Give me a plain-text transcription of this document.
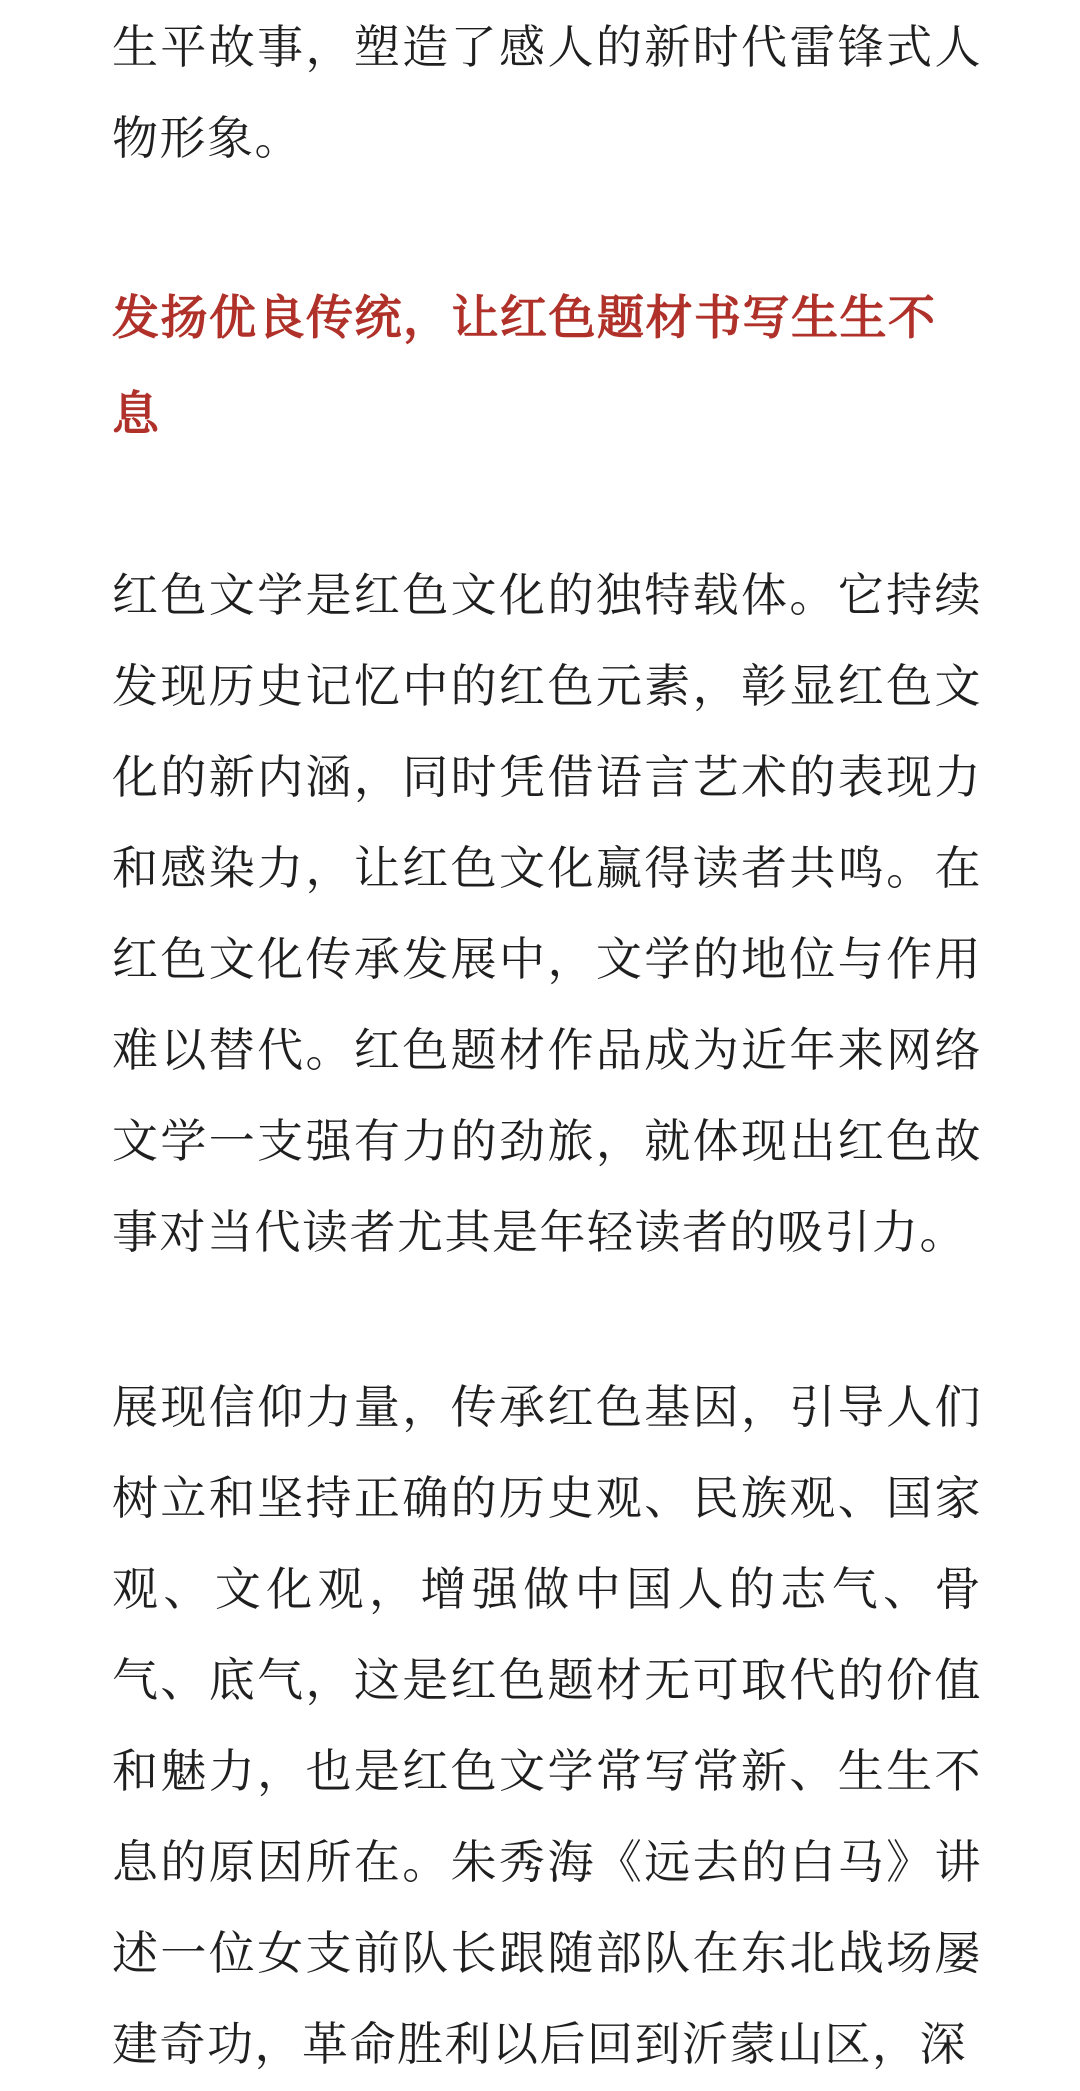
生平故事，塑造了感人的新时代雷锋式人物形象。

发扬优良传统，让红色题材书写生生不息

红色文学是红色文化的独特载体。它持续发现历史记忆中的红色元素，彰显红色文化的新内涵，同时凭借语言艺术的表现力和感染力，让红色文化赢得读者共鸣。在红色文化传承发展中，文学的地位与作用难以替代。红色题材作品成为近年来网络文学一支强有力的劲旅，就体现出红色故事对当代读者尤其是年轻读者的吸引力。

展现信仰力量，传承红色基因，引导人们树立和坚持正确的历史观、民族观、国家观、文化观，增强做中国人的志气、骨气、底气，这是红色题材无可取代的价值和魅力，也是红色文学常写常新、生生不息的原因所在。朱秀海《远去的白马》讲述一位女支前队长跟随部队在东北战场屡建奇功，革命胜利以后回到沂蒙山区，深
